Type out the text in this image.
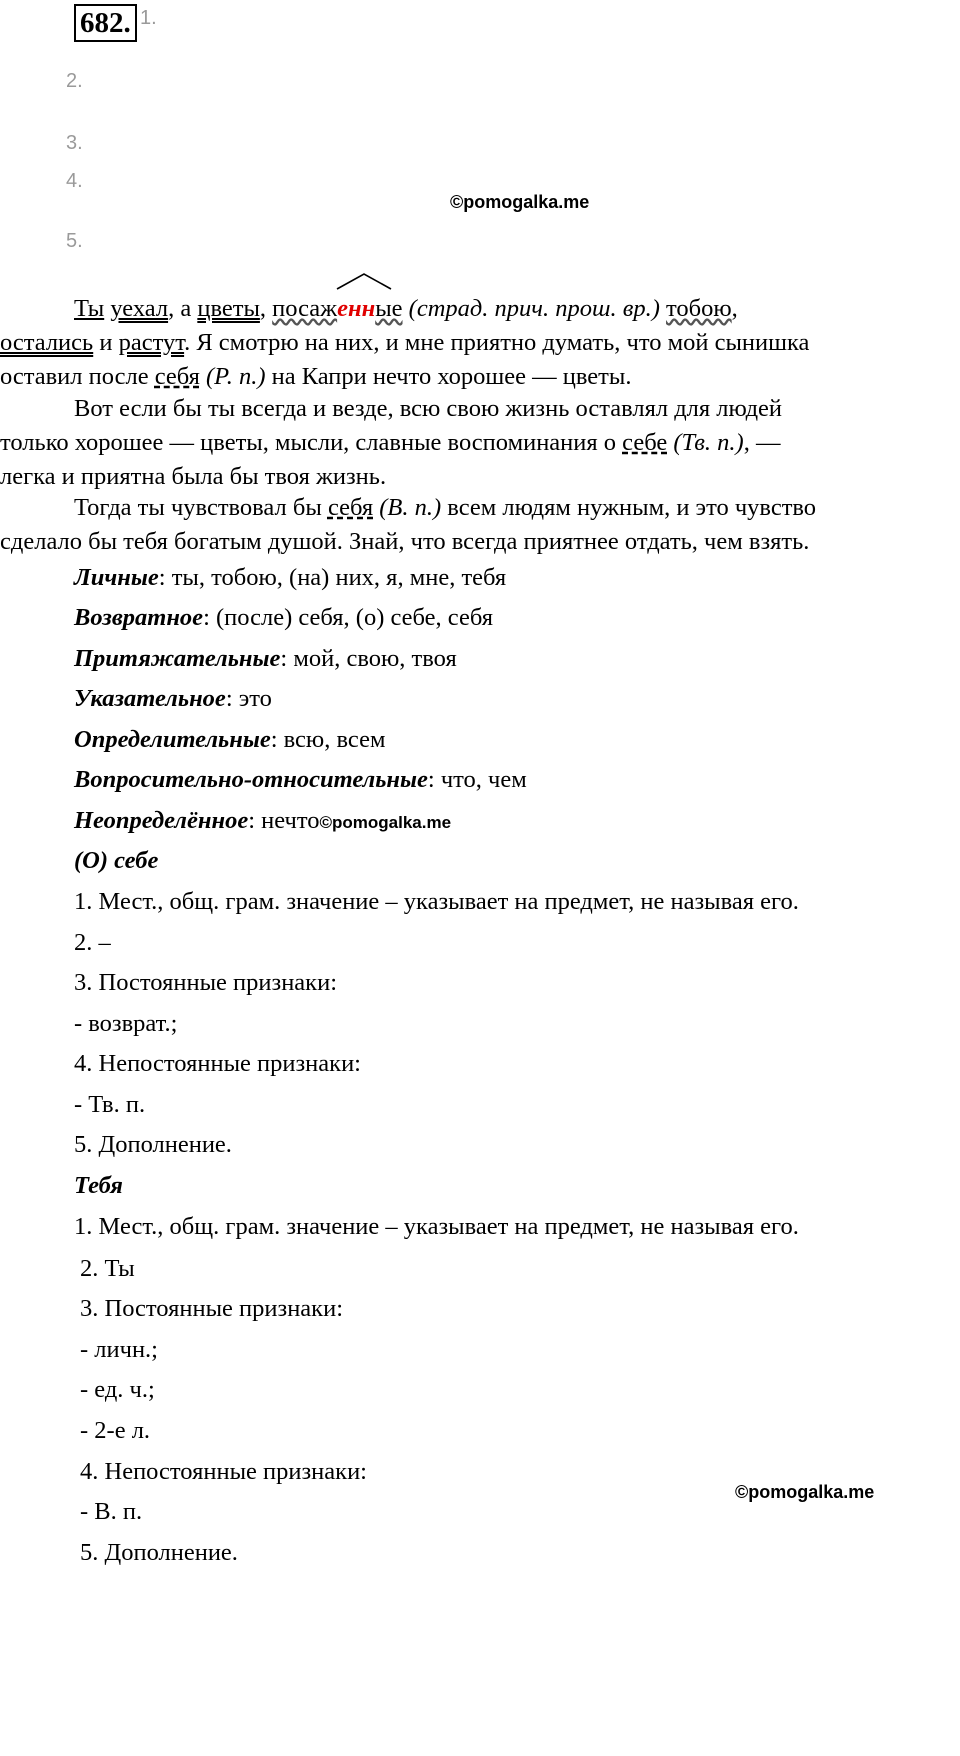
682. 1.
2.
3.
4.
5.
©pomogalka.me
Ты уехал, а цветы, посаж
енные (страд. прич. прош. вр.) тобою,
остались и растут. Я смотрю на них, и мне приятно думать, что мой сынишка
оставил после себя (Р. п.) на Капри нечто хорошее — цветы.
Вот если бы ты всегда и везде, всю свою жизнь оставлял для людей
только хорошее — цветы, мысли, славные воспоминания о себе (Тв. п.), —
легка и приятна была бы твоя жизнь.
Тогда ты чувствовал бы себя (В. п.) всем людям нужным, и это чувство
сделало бы тебя богатым душой. Знай, что всегда приятнее отдать, чем взять.
Личные: ты, тобою, (на) них, я, мне, тебя
Возвратное: (после) себя, (о) себе, себя
Притяжательные: мой, свою, твоя
Указательное: это
Определительные: всю, всем
Вопросительно-относительные: что, чем
Неопределённое: нечто©pomogalka.me
(О) себе
1. Мест., общ. грам. значение – указывает на предмет, не называя его.
2. –
3. Постоянные признаки:
- возврат.;
4. Непостоянные признаки:
- Тв. п.
5. Дополнение.
Тебя
1. Мест., общ. грам. значение – указывает на предмет, не называя его.
2. Ты
3. Постоянные признаки:
- личн.;
- ед. ч.;
- 2-е л.
4. Непостоянные признаки:
- В. п.
5. Дополнение.
©pomogalka.me
